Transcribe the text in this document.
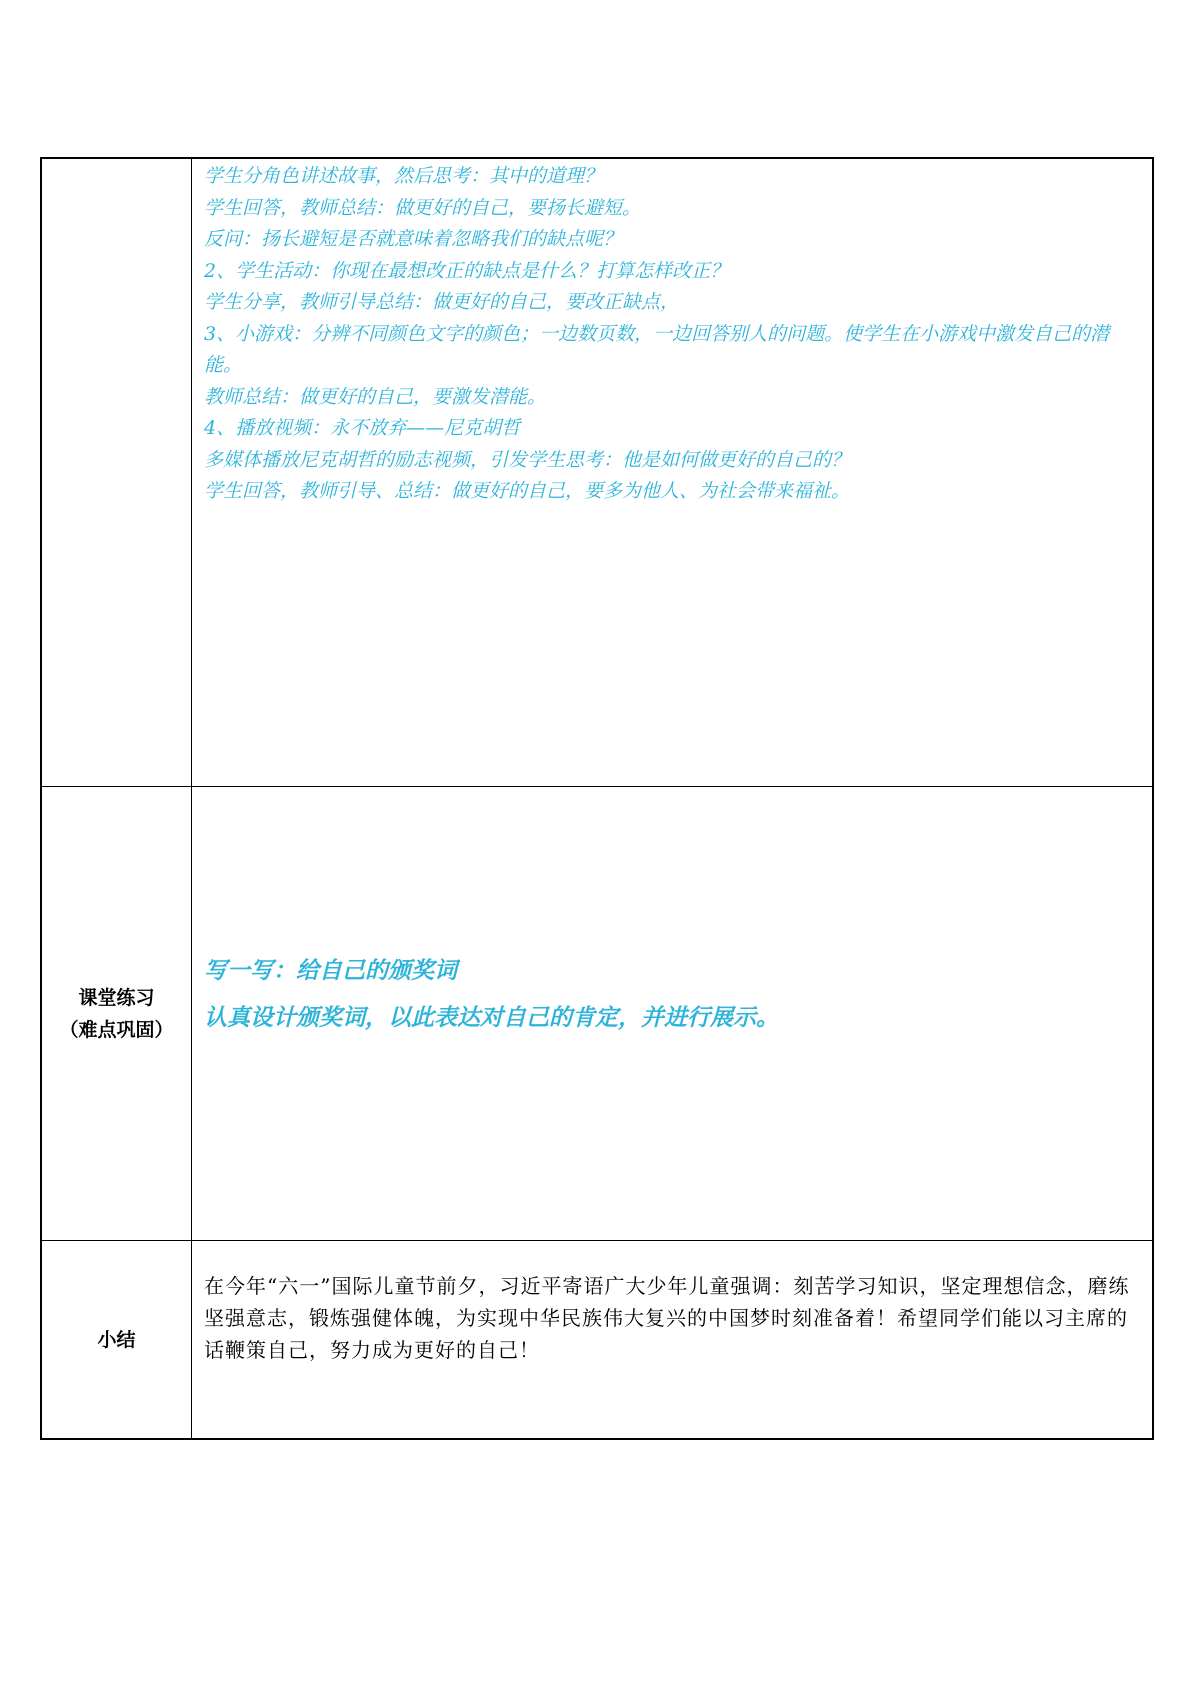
学生分角色讲述故事，然后思考：其中的道理？
学生回答，教师总结：做更好的自己，要扬长避短。
反问：扬长避短是否就意味着忽略我们的缺点呢？
2、学生活动：你现在最想改正的缺点是什么？打算怎样改正？
学生分享，教师引导总结：做更好的自己，要改正缺点，
3、小游戏：分辨不同颜色文字的颜色；一边数页数，一边回答别人的问题。使学生在小游戏中激发自己的潜能。
教师总结：做更好的自己，要激发潜能。
4、播放视频：永不放弃——尼克胡哲
多媒体播放尼克胡哲的励志视频，引发学生思考：他是如何做更好的自己的？
学生回答，教师引导、总结：做更好的自己，要多为他人、为社会带来福祉。
课堂练习
（难点巩固）
写一写：给自己的颁奖词
认真设计颁奖词，以此表达对自己的肯定，并进行展示。
小结
在今年“六一”国际儿童节前夕，习近平寄语广大少年儿童强调：刻苦学习知识，坚定理想信念，磨练坚强意志，锻炼强健体魄，为实现中华民族伟大复兴的中国梦时刻准备着！希望同学们能以习主席的话鞭策自己，努力成为更好的自己！
